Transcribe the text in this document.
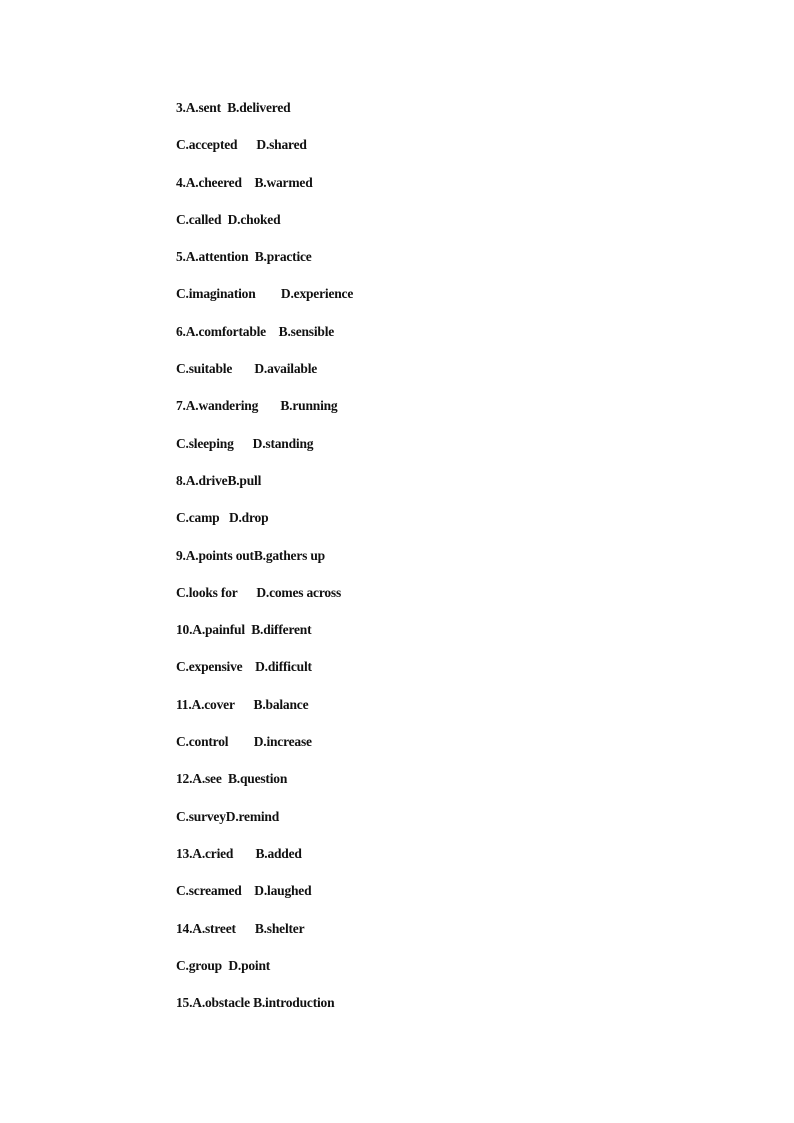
3.A.sent  B.delivered
C.accepted      D.shared
4.A.cheered    B.warmed
C.called  D.choked
5.A.attention  B.practice
C.imagination        D.experience
6.A.comfortable    B.sensible
C.suitable       D.available
7.A.wandering       B.running
C.sleeping      D.standing
8.A.driveB.pull
C.camp   D.drop
9.A.points outB.gathers up
C.looks for      D.comes across
10.A.painful  B.different
C.expensive    D.difficult
11.A.cover      B.balance
C.control        D.increase
12.A.see  B.question
C.surveyD.remind
13.A.cried       B.added
C.screamed    D.laughed
14.A.street      B.shelter
C.group  D.point
15.A.obstacle B.introduction
